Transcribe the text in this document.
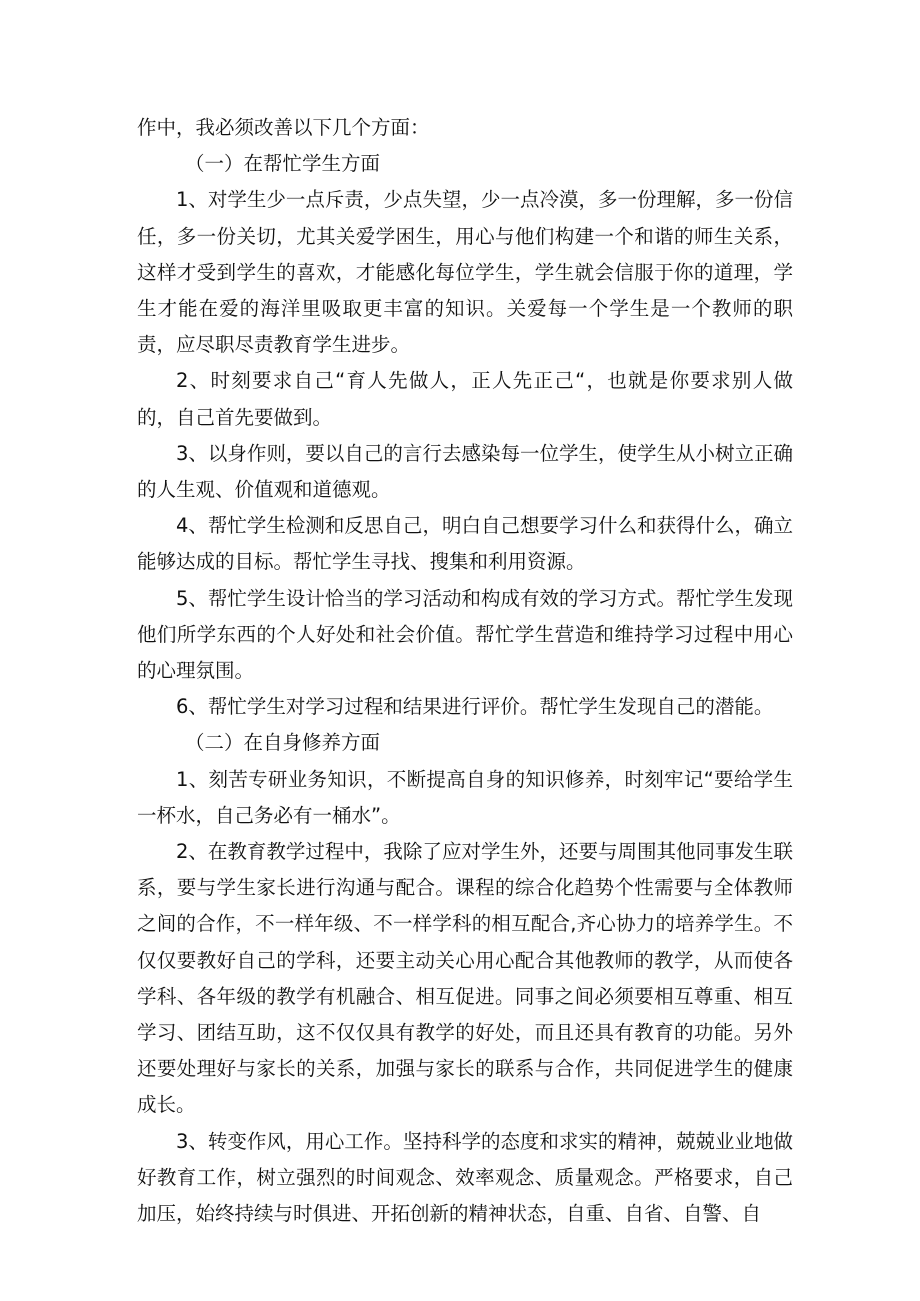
作中，我必须改善以下几个方面：

（一）在帮忙学生方面

1、对学生少一点斥责，少点失望，少一点冷漠，多一份理解，多一份信任，多一份关切，尤其关爱学困生，用心与他们构建一个和谐的师生关系，这样才受到学生的喜欢，才能感化每位学生，学生就会信服于你的道理，学生才能在爱的海洋里吸取更丰富的知识。关爱每一个学生是一个教师的职责，应尽职尽责教育学生进步。

2、时刻要求自己“育人先做人，正人先正己“，也就是你要求别人做的，自己首先要做到。

3、以身作则，要以自己的言行去感染每一位学生，使学生从小树立正确的人生观、价值观和道德观。

4、帮忙学生检测和反思自己，明白自己想要学习什么和获得什么，确立能够达成的目标。帮忙学生寻找、搜集和利用资源。

5、帮忙学生设计恰当的学习活动和构成有效的学习方式。帮忙学生发现他们所学东西的个人好处和社会价值。帮忙学生营造和维持学习过程中用心的心理氛围。

6、帮忙学生对学习过程和结果进行评价。帮忙学生发现自己的潜能。

（二）在自身修养方面

1、刻苦专研业务知识，不断提高自身的知识修养，时刻牢记“要给学生一杯水，自己务必有一桶水”。

2、在教育教学过程中，我除了应对学生外，还要与周围其他同事发生联系，要与学生家长进行沟通与配合。课程的综合化趋势个性需要与全体教师之间的合作，不一样年级、不一样学科的相互配合,齐心协力的培养学生。不仅仅要教好自己的学科，还要主动关心用心配合其他教师的教学，从而使各学科、各年级的教学有机融合、相互促进。同事之间必须要相互尊重、相互学习、团结互助，这不仅仅具有教学的好处，而且还具有教育的功能。另外还要处理好与家长的关系，加强与家长的联系与合作，共同促进学生的健康成长。

3、转变作风，用心工作。坚持科学的态度和求实的精神，兢兢业业地做好教育工作，树立强烈的时间观念、效率观念、质量观念。严格要求，自己加压，始终持续与时俱进、开拓创新的精神状态，自重、自省、自警、自
